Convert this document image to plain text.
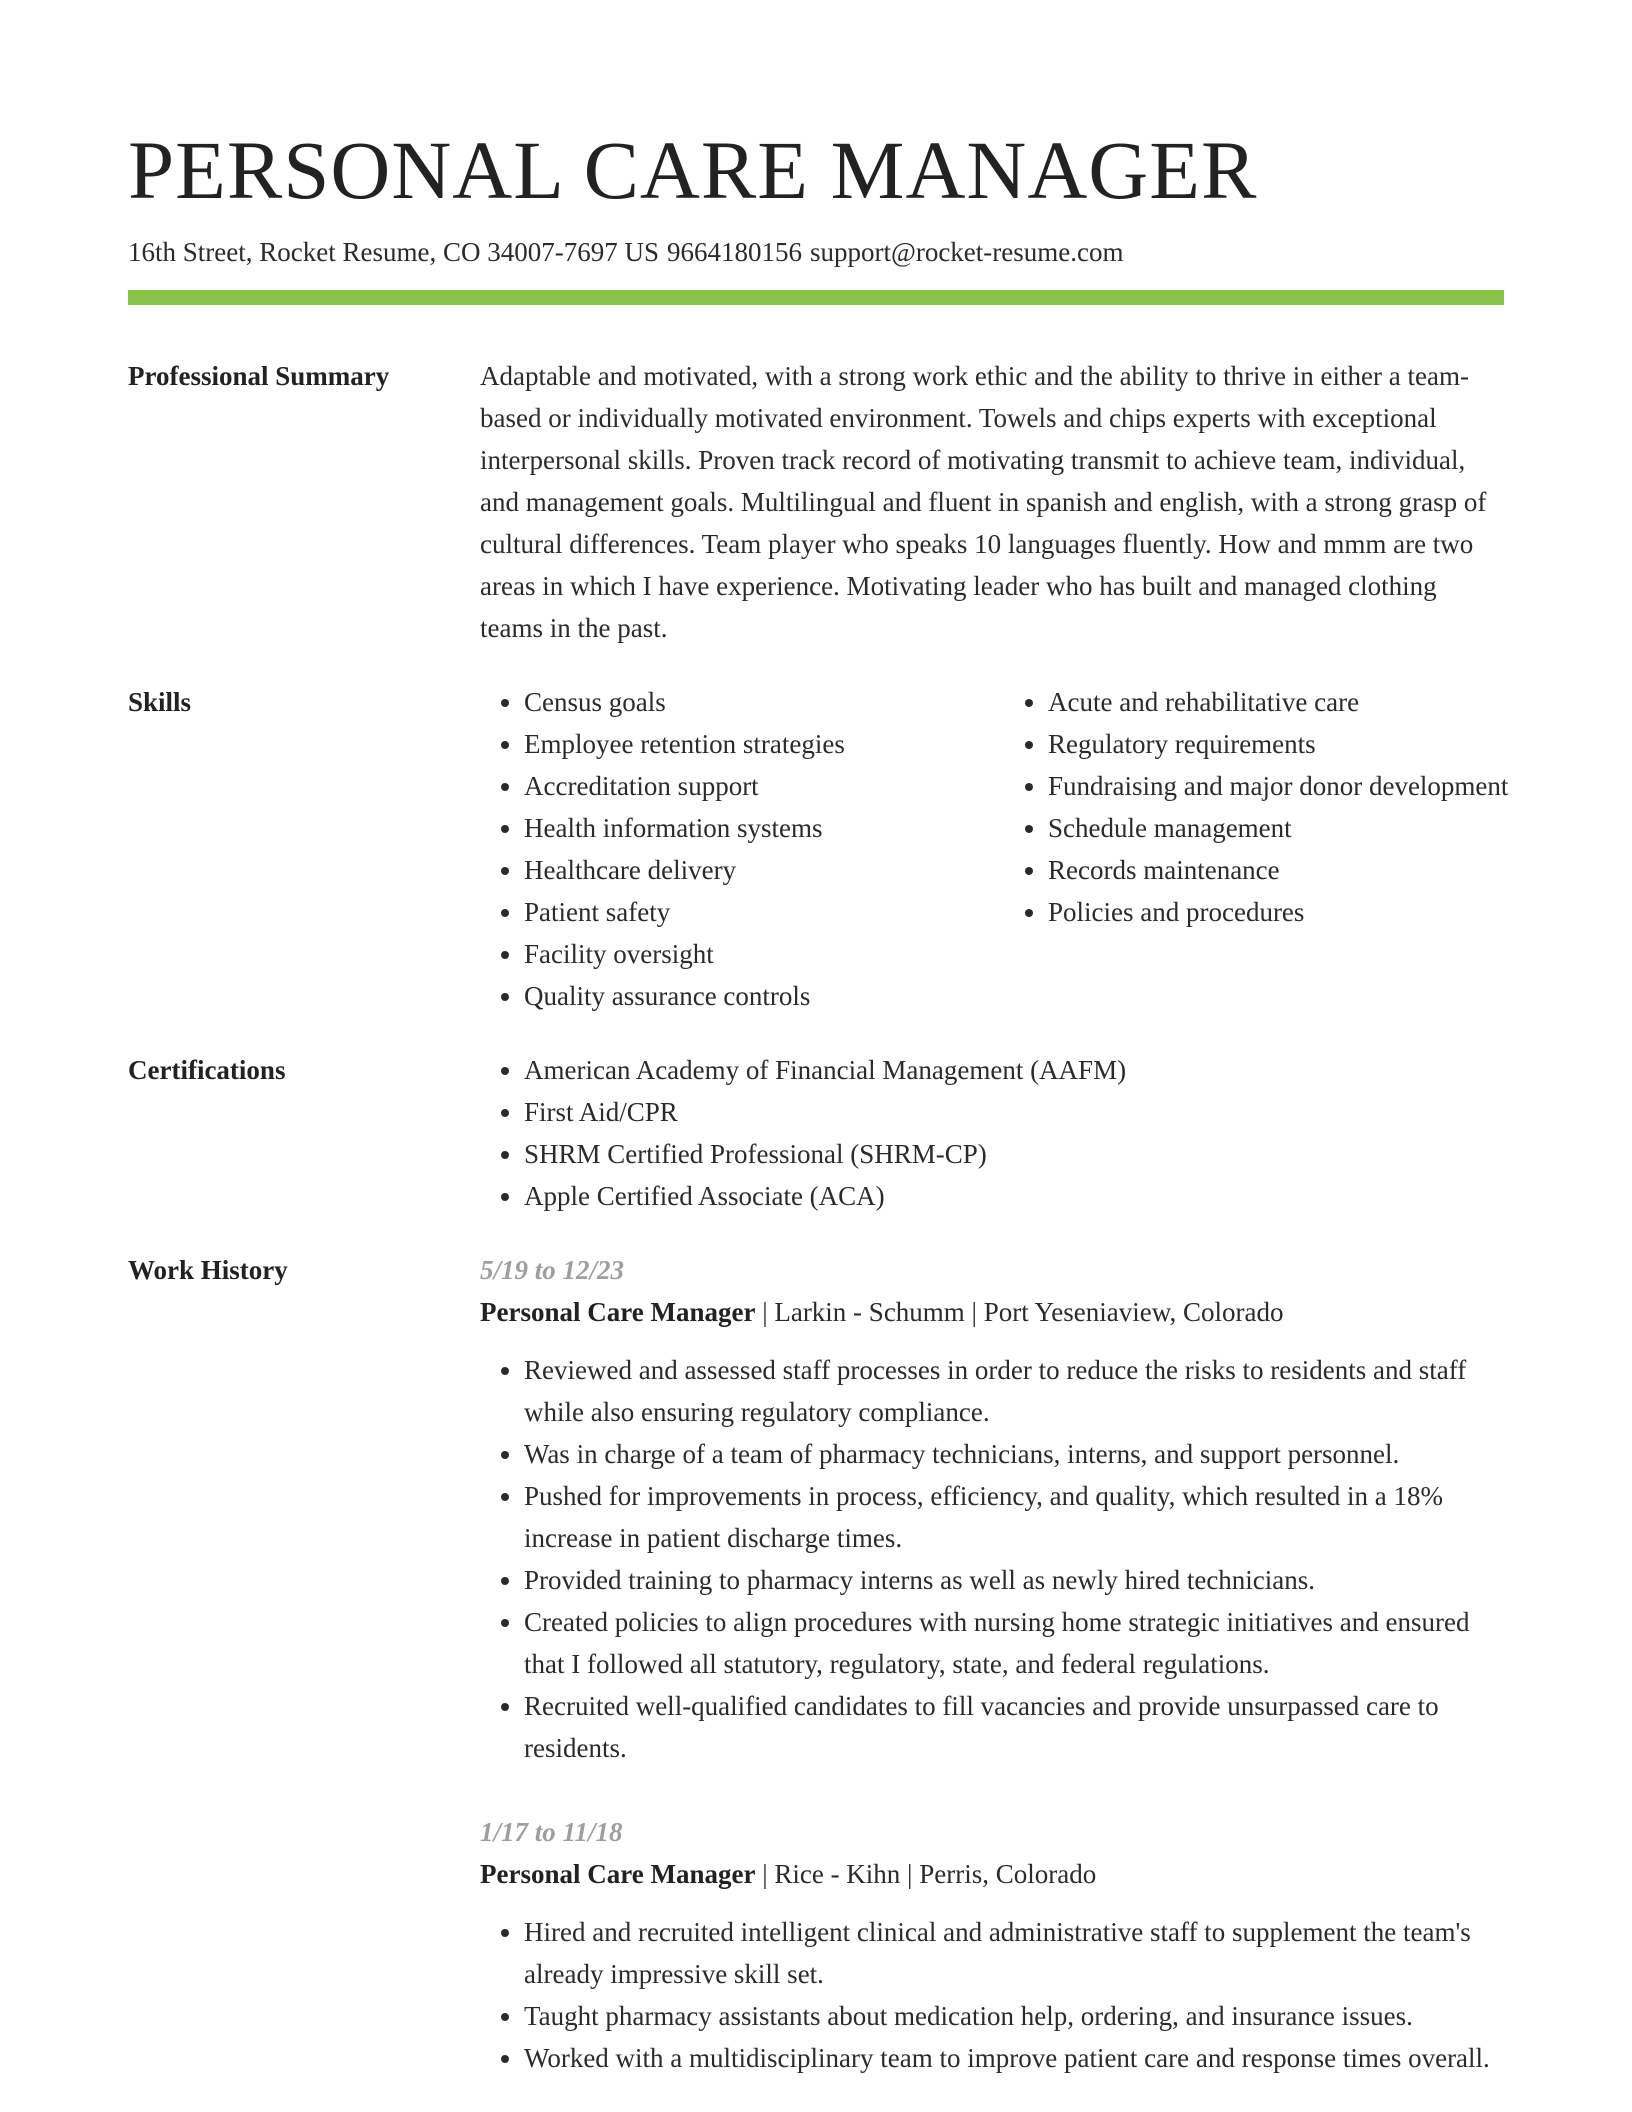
PERSONAL CARE MANAGER
16th Street, Rocket Resume, CO 34007-7697 US 9664180156 support@rocket-resume.com
Professional Summary	Adaptable and motivated, with a strong work ethic and the ability to thrive in either a team-based or individually motivated environment. Towels and chips experts with exceptional interpersonal skills. Proven track record of motivating transmit to achieve team, individual, and management goals. Multilingual and fluent in spanish and english, with a strong grasp of cultural differences. Team player who speaks 10 languages fluently. How and mmm are two areas in which I have experience. Motivating leader who has built and managed clothing teams in the past.
Skills	• Census goals
• Employee retention strategies
• Accreditation support
• Health information systems
• Healthcare delivery
• Patient safety
• Facility oversight
• Quality assurance controls
• Acute and rehabilitative care
• Regulatory requirements
• Fundraising and major donor development
• Schedule management
• Records maintenance
• Policies and procedures
Certifications	• American Academy of Financial Management (AAFM)
• First Aid/CPR
• SHRM Certified Professional (SHRM-CP)
• Apple Certified Associate (ACA)
Work History	5/19 to 12/23
Personal Care Manager | Larkin - Schumm | Port Yeseniaview, Colorado
• Reviewed and assessed staff processes in order to reduce the risks to residents and staff while also ensuring regulatory compliance.
• Was in charge of a team of pharmacy technicians, interns, and support personnel.
• Pushed for improvements in process, efficiency, and quality, which resulted in a 18% increase in patient discharge times.
• Provided training to pharmacy interns as well as newly hired technicians.
• Created policies to align procedures with nursing home strategic initiatives and ensured that I followed all statutory, regulatory, state, and federal regulations.
• Recruited well-qualified candidates to fill vacancies and provide unsurpassed care to residents.
1/17 to 11/18
Personal Care Manager | Rice - Kihn | Perris, Colorado
• Hired and recruited intelligent clinical and administrative staff to supplement the team's already impressive skill set.
• Taught pharmacy assistants about medication help, ordering, and insurance issues.
• Worked with a multidisciplinary team to improve patient care and response times overall.
